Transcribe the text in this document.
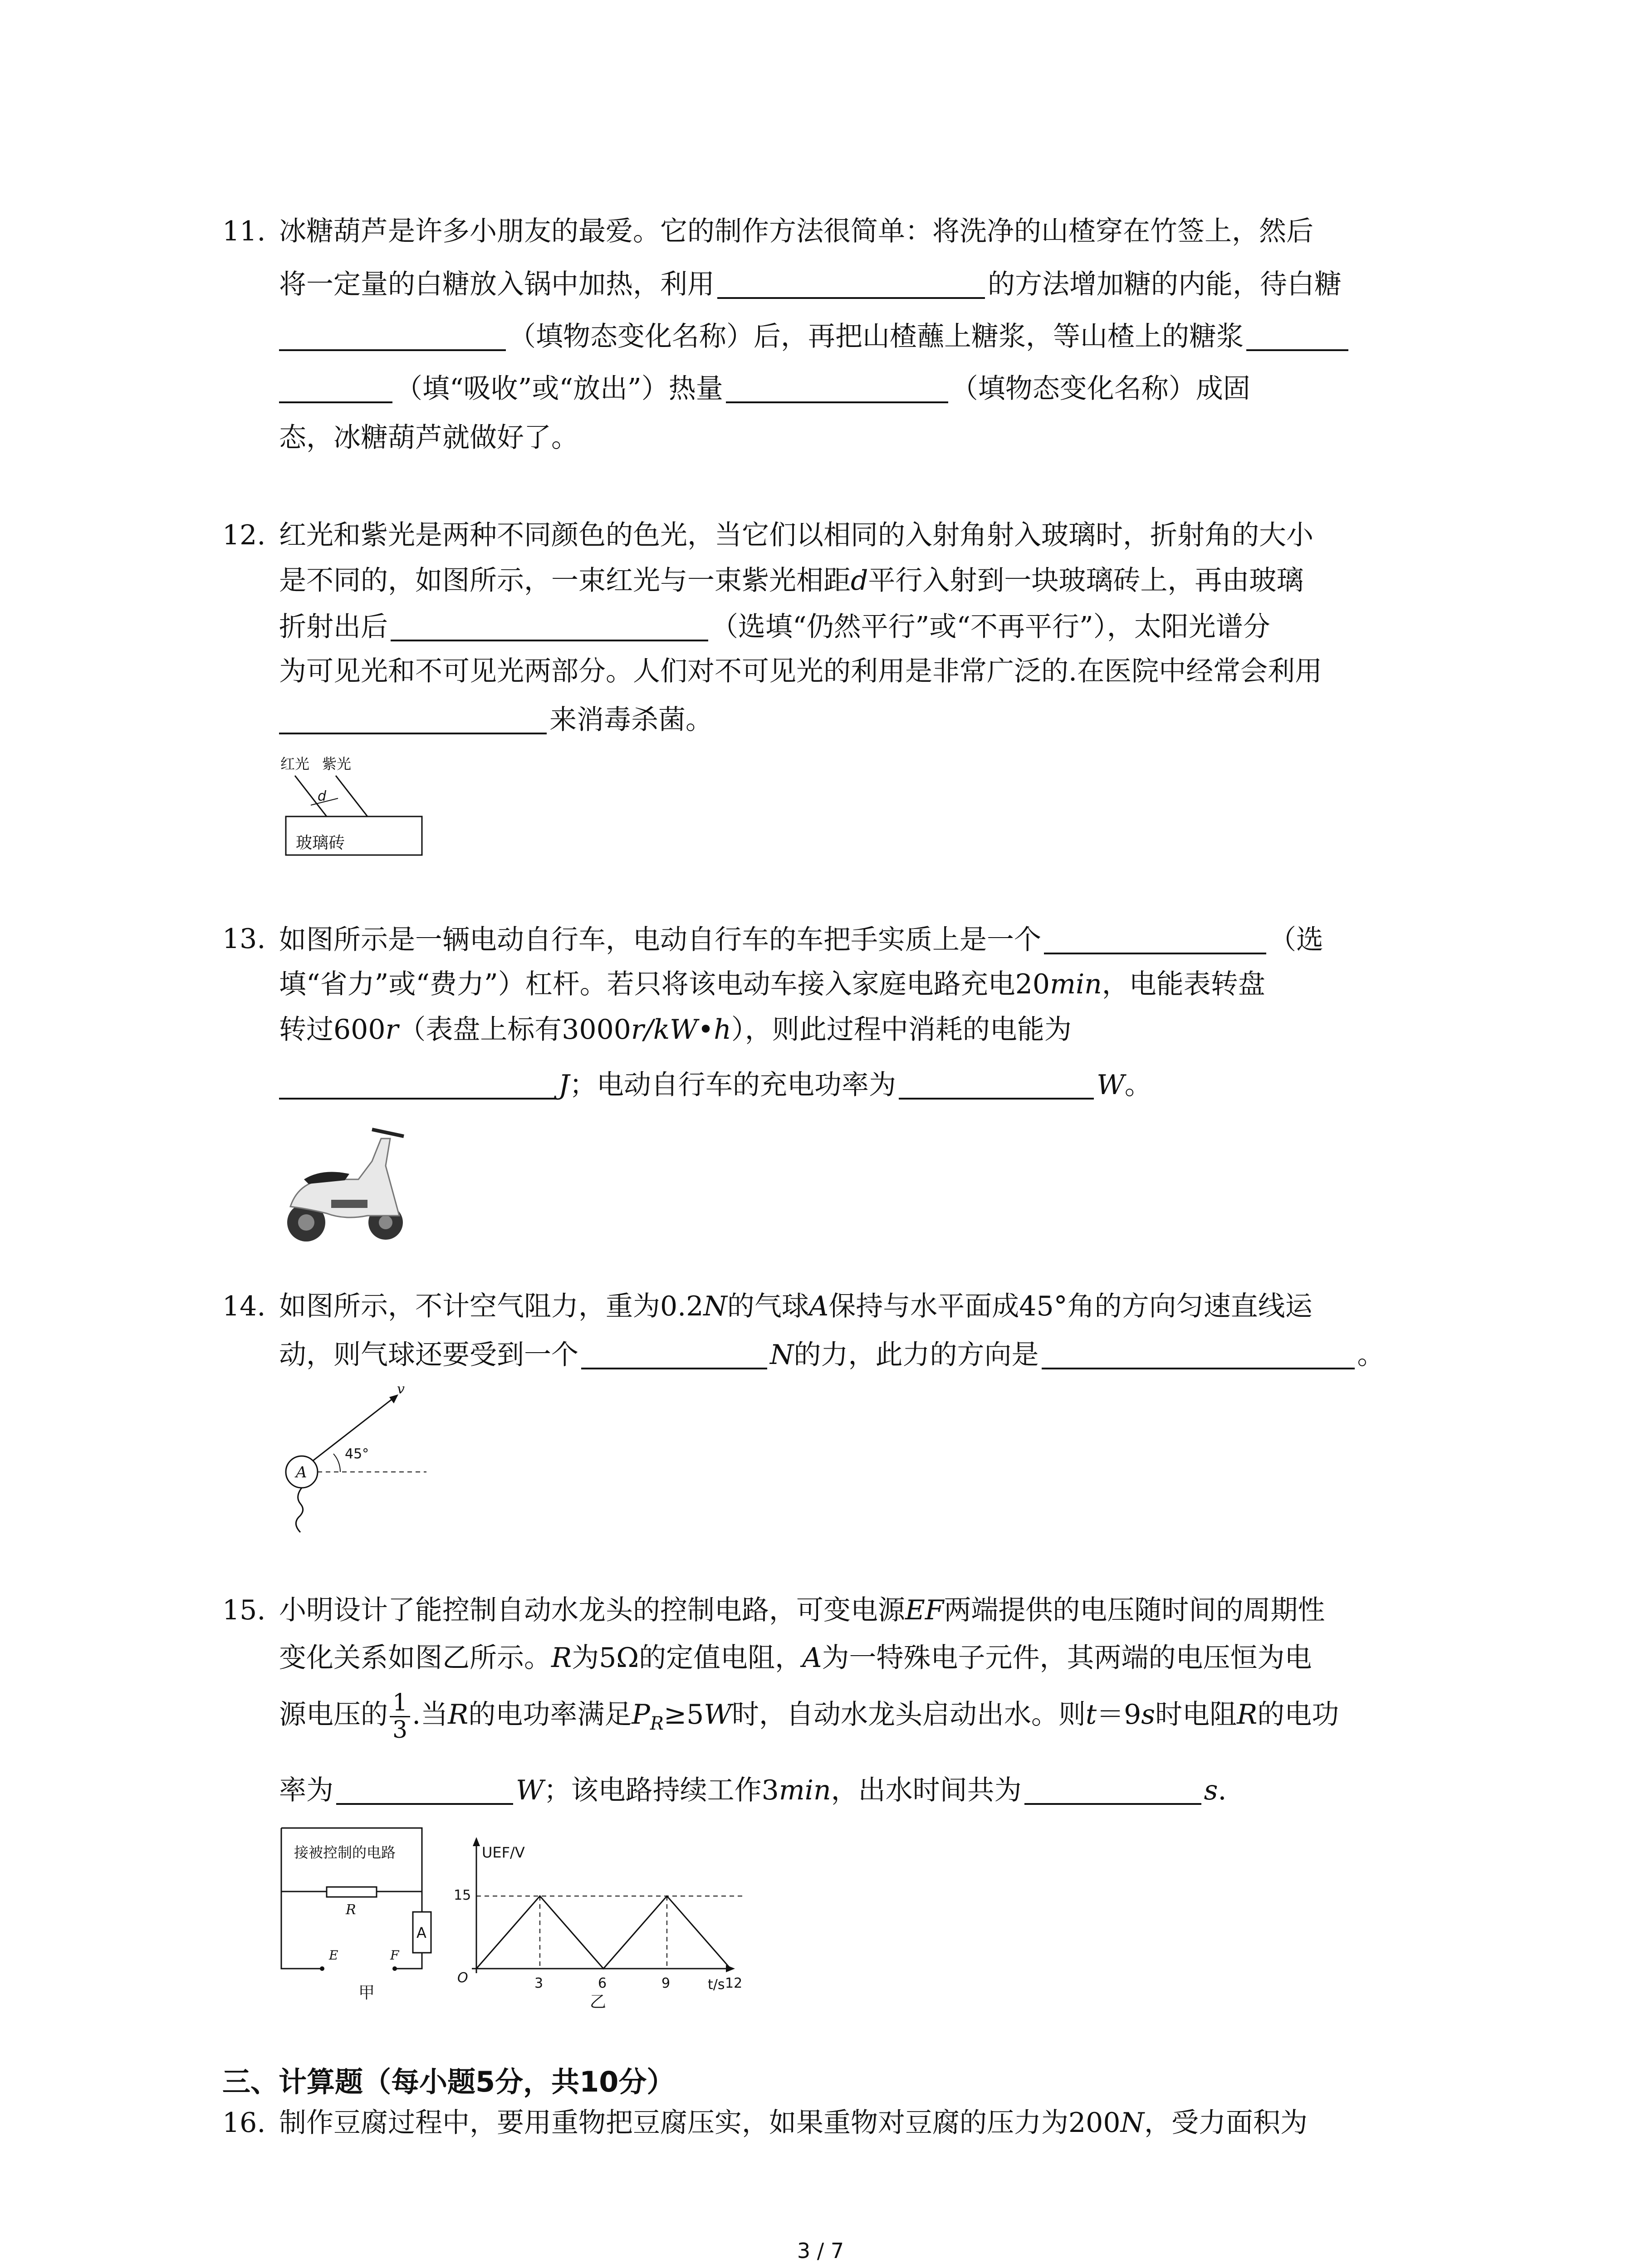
11. 冰糖葫芦是许多小朋友的最爱。它的制作方法很简单：将洗净的山楂穿在竹签上，然后
将一定量的白糖放入锅中加热，利用	的方法增加糖的内能，待白糖
（填物态变化名称）后，再把山楂蘸上糖浆，等山楂上的糖浆
（填“吸收”或“放出”）热量	（填物态变化名称）成固
态，冰糖葫芦就做好了。
12. 红光和紫光是两种不同颜色的色光，当它们以相同的入射角射入玻璃时，折射角的大小
是不同的，如图所示，一束红光与一束紫光相距d平行入射到一块玻璃砖上，再由玻璃
折射出后	（选填“仍然平行”或“不再平行”），太阳光谱分
为可见光和不可见光两部分。人们对不可见光的利用是非常广泛的.在医院中经常会利用
来消毒杀菌。
红光 紫光
d
玻璃砖
13. 如图所示是一辆电动自行车，电动自行车的车把手实质上是一个	（选
填“省力”或“费力”）杠杆。若只将该电动车接入家庭电路充电20min，电能表转盘
转过600r（表盘上标有3000r/kW•h），则此过程中消耗的电能为
J；电动自行车的充电功率为	W。
14. 如图所示，不计空气阻力，重为0.2N的气球A保持与水平面成45°角的方向匀速直线运
动，则气球还要受到一个	N的力，此力的方向是	。
A
v
45°
15. 小明设计了能控制自动水龙头的控制电路，可变电源EF两端提供的电压随时间的周期性
变化关系如图乙所示。R为5Ω的定值电阻，A为一特殊电子元件，其两端的电压恒为电
源电压的 $\frac{1}{3}$ .当R的电功率满足$P_R\ge 5W$时，自动水龙头启动出水。则t＝9s时电阻R的电功
率为	W；该电路持续工作3min，出水时间共为	s.
接被控制的电路
R
A
E	F
甲
UEF/V
O
15
t/s
乙
3	6	9	12
三、计算题（每小题5分，共10分）
16. 制作豆腐过程中，要用重物把豆腐压实，如果重物对豆腐的压力为200N，受力面积为
3 / 7
